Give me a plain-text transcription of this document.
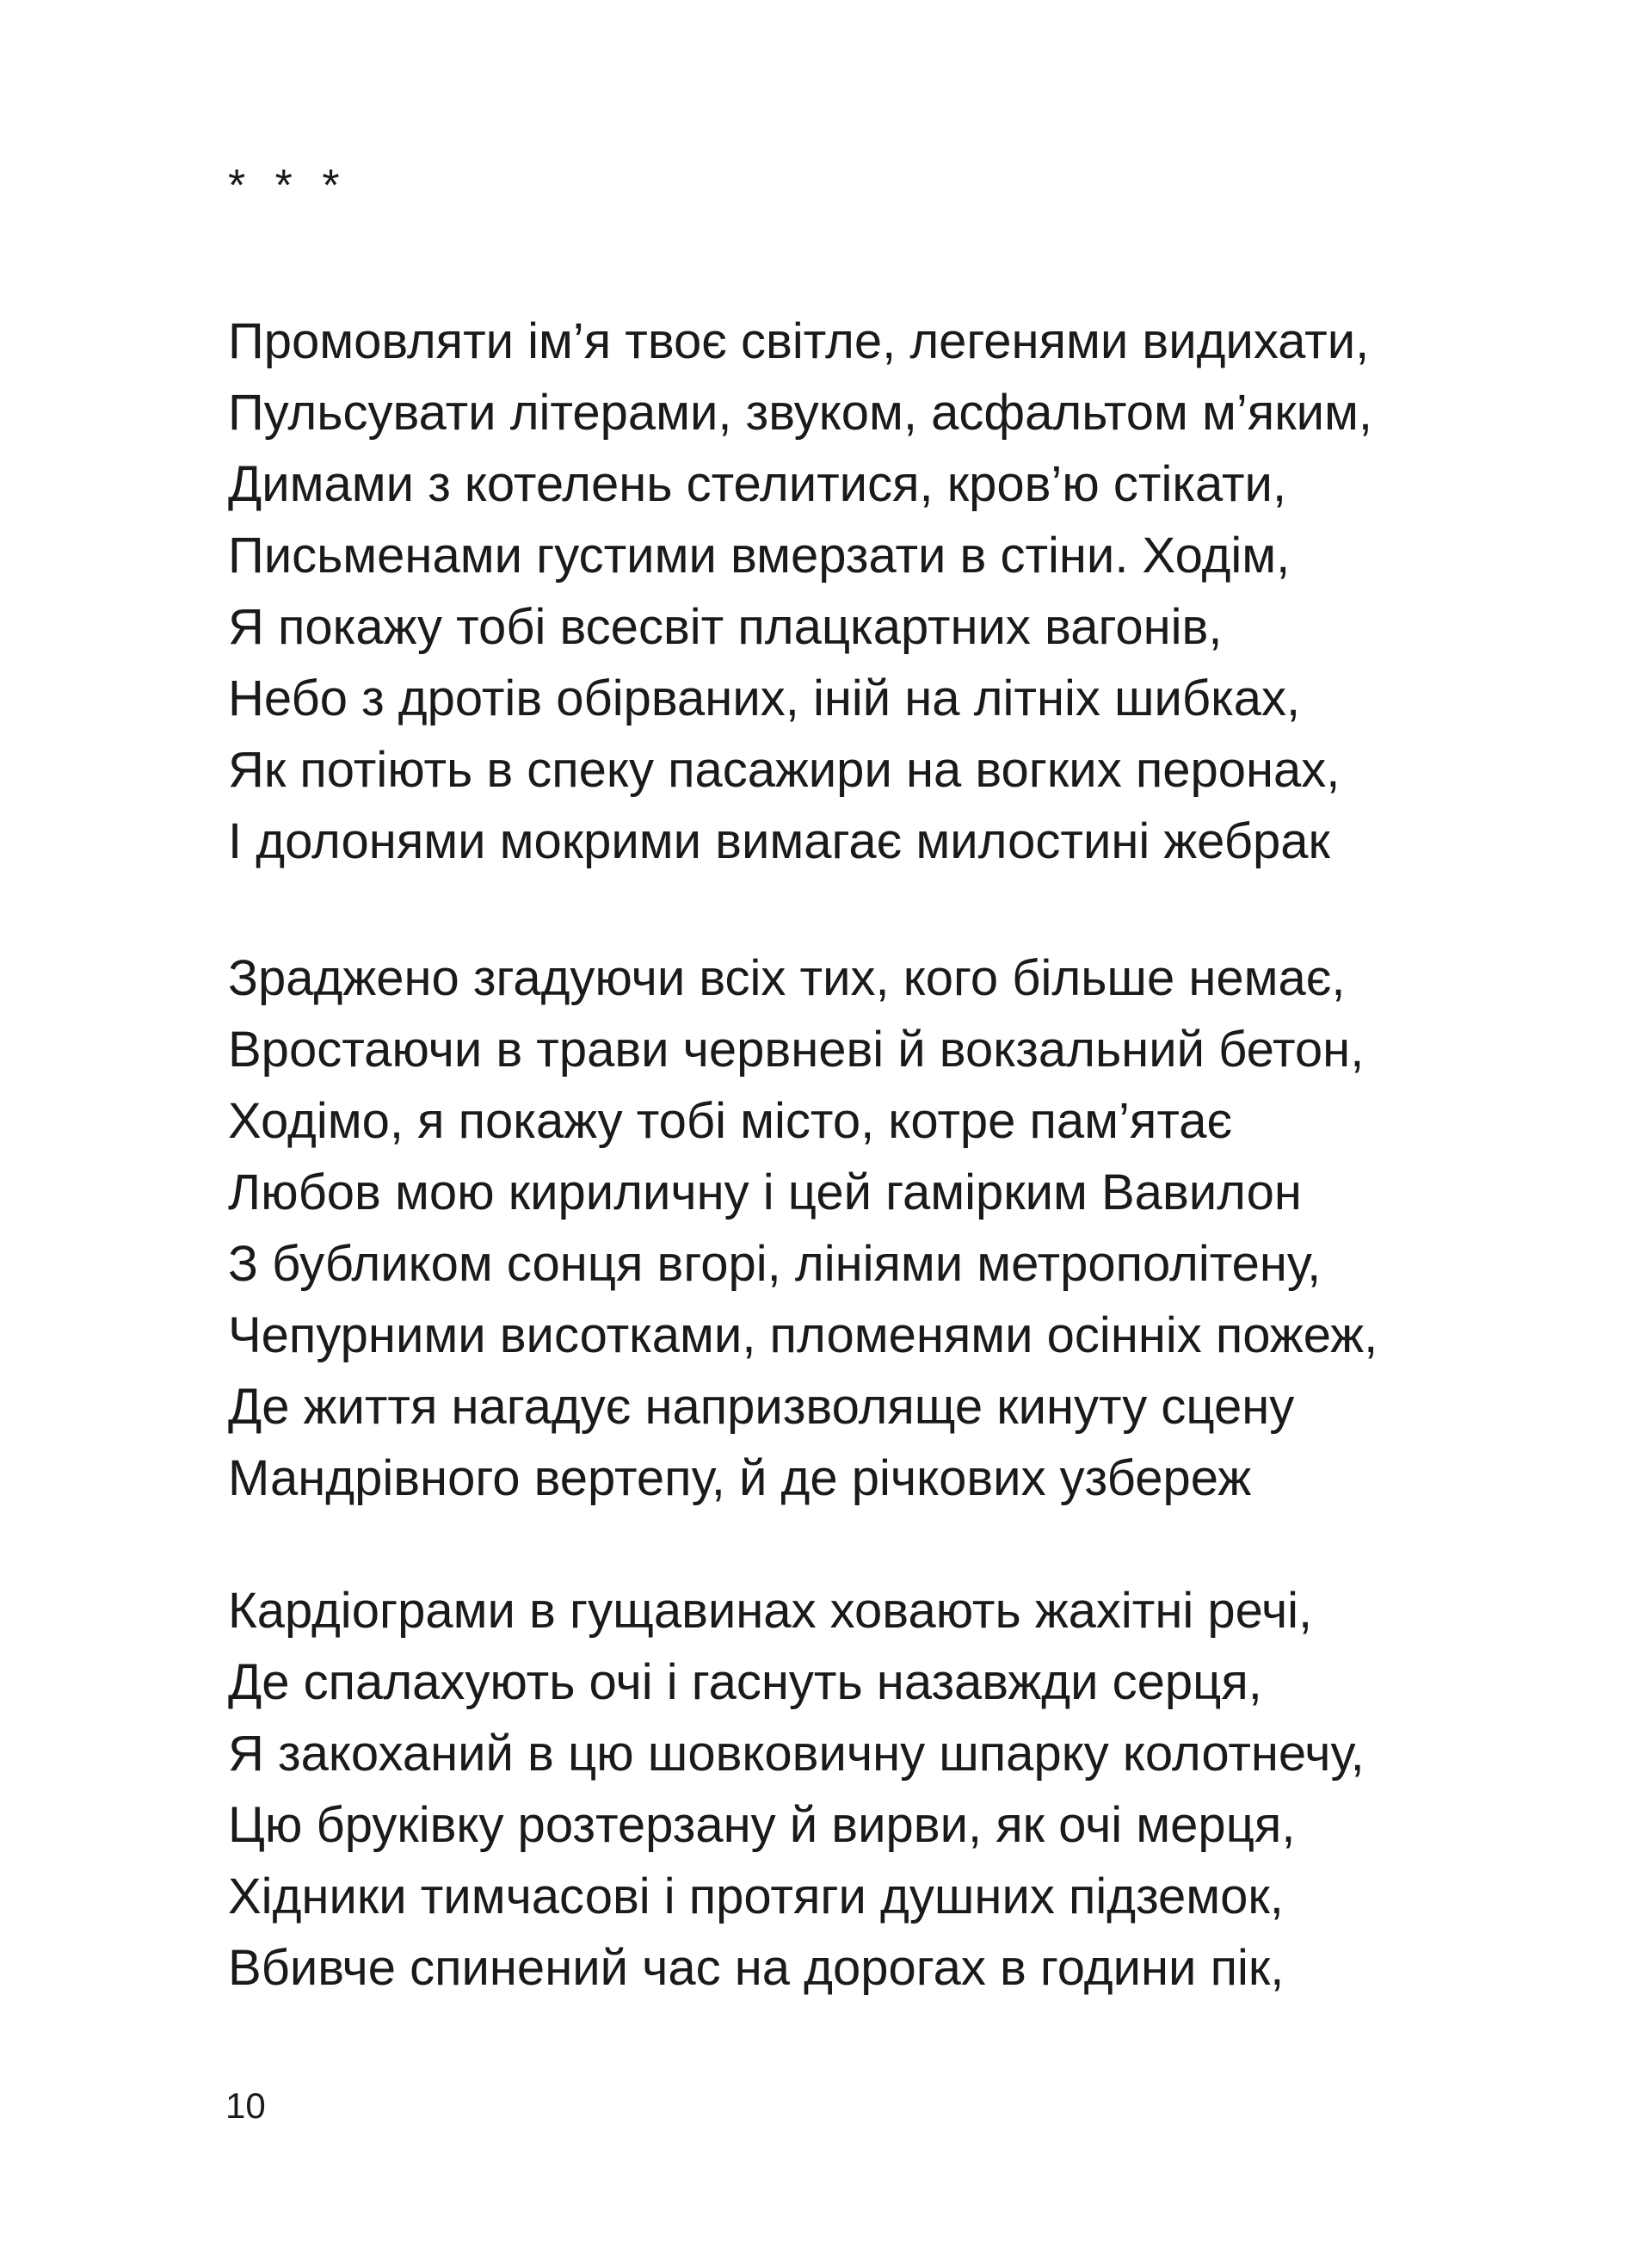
* * *

Промовляти ім’я твоє світле, легенями видихати,
Пульсувати літерами, звуком, асфальтом м’яким,
Димами з котелень стелитися, кров’ю стікати,
Письменами густими вмерзати в стіни. Ходім,
Я покажу тобі всесвіт плацкартних вагонів,
Небо з дротів обірваних, іній на літніх шибках,
Як потіють в спеку пасажири на вогких перонах,
І долонями мокрими вимагає милостині жебрак
Зраджено згадуючи всіх тих, кого більше немає,
Вростаючи в трави червневі й вокзальний бетон,
Ходімо, я покажу тобі місто, котре пам’ятає
Любов мою кириличну і цей гамірким Вавилон
З бубликом сонця вгорі, лініями метрополітену,
Чепурними висотками, пломенями осінніх пожеж,
Де життя нагадує напризволяще кинуту сцену
Мандрівного вертепу, й де річкових узбереж
Кардіограми в гущавинах ховають жахітні речі,
Де спалахують очі і гаснуть назавжди серця,
Я закоханий в цю шовковичну шпарку колотнечу,
Цю бруківку розтерзану й вирви, як очі мерця,
Хідники тимчасові і протяги душних підземок,
Вбивче спинений час на дорогах в години пік,

10
